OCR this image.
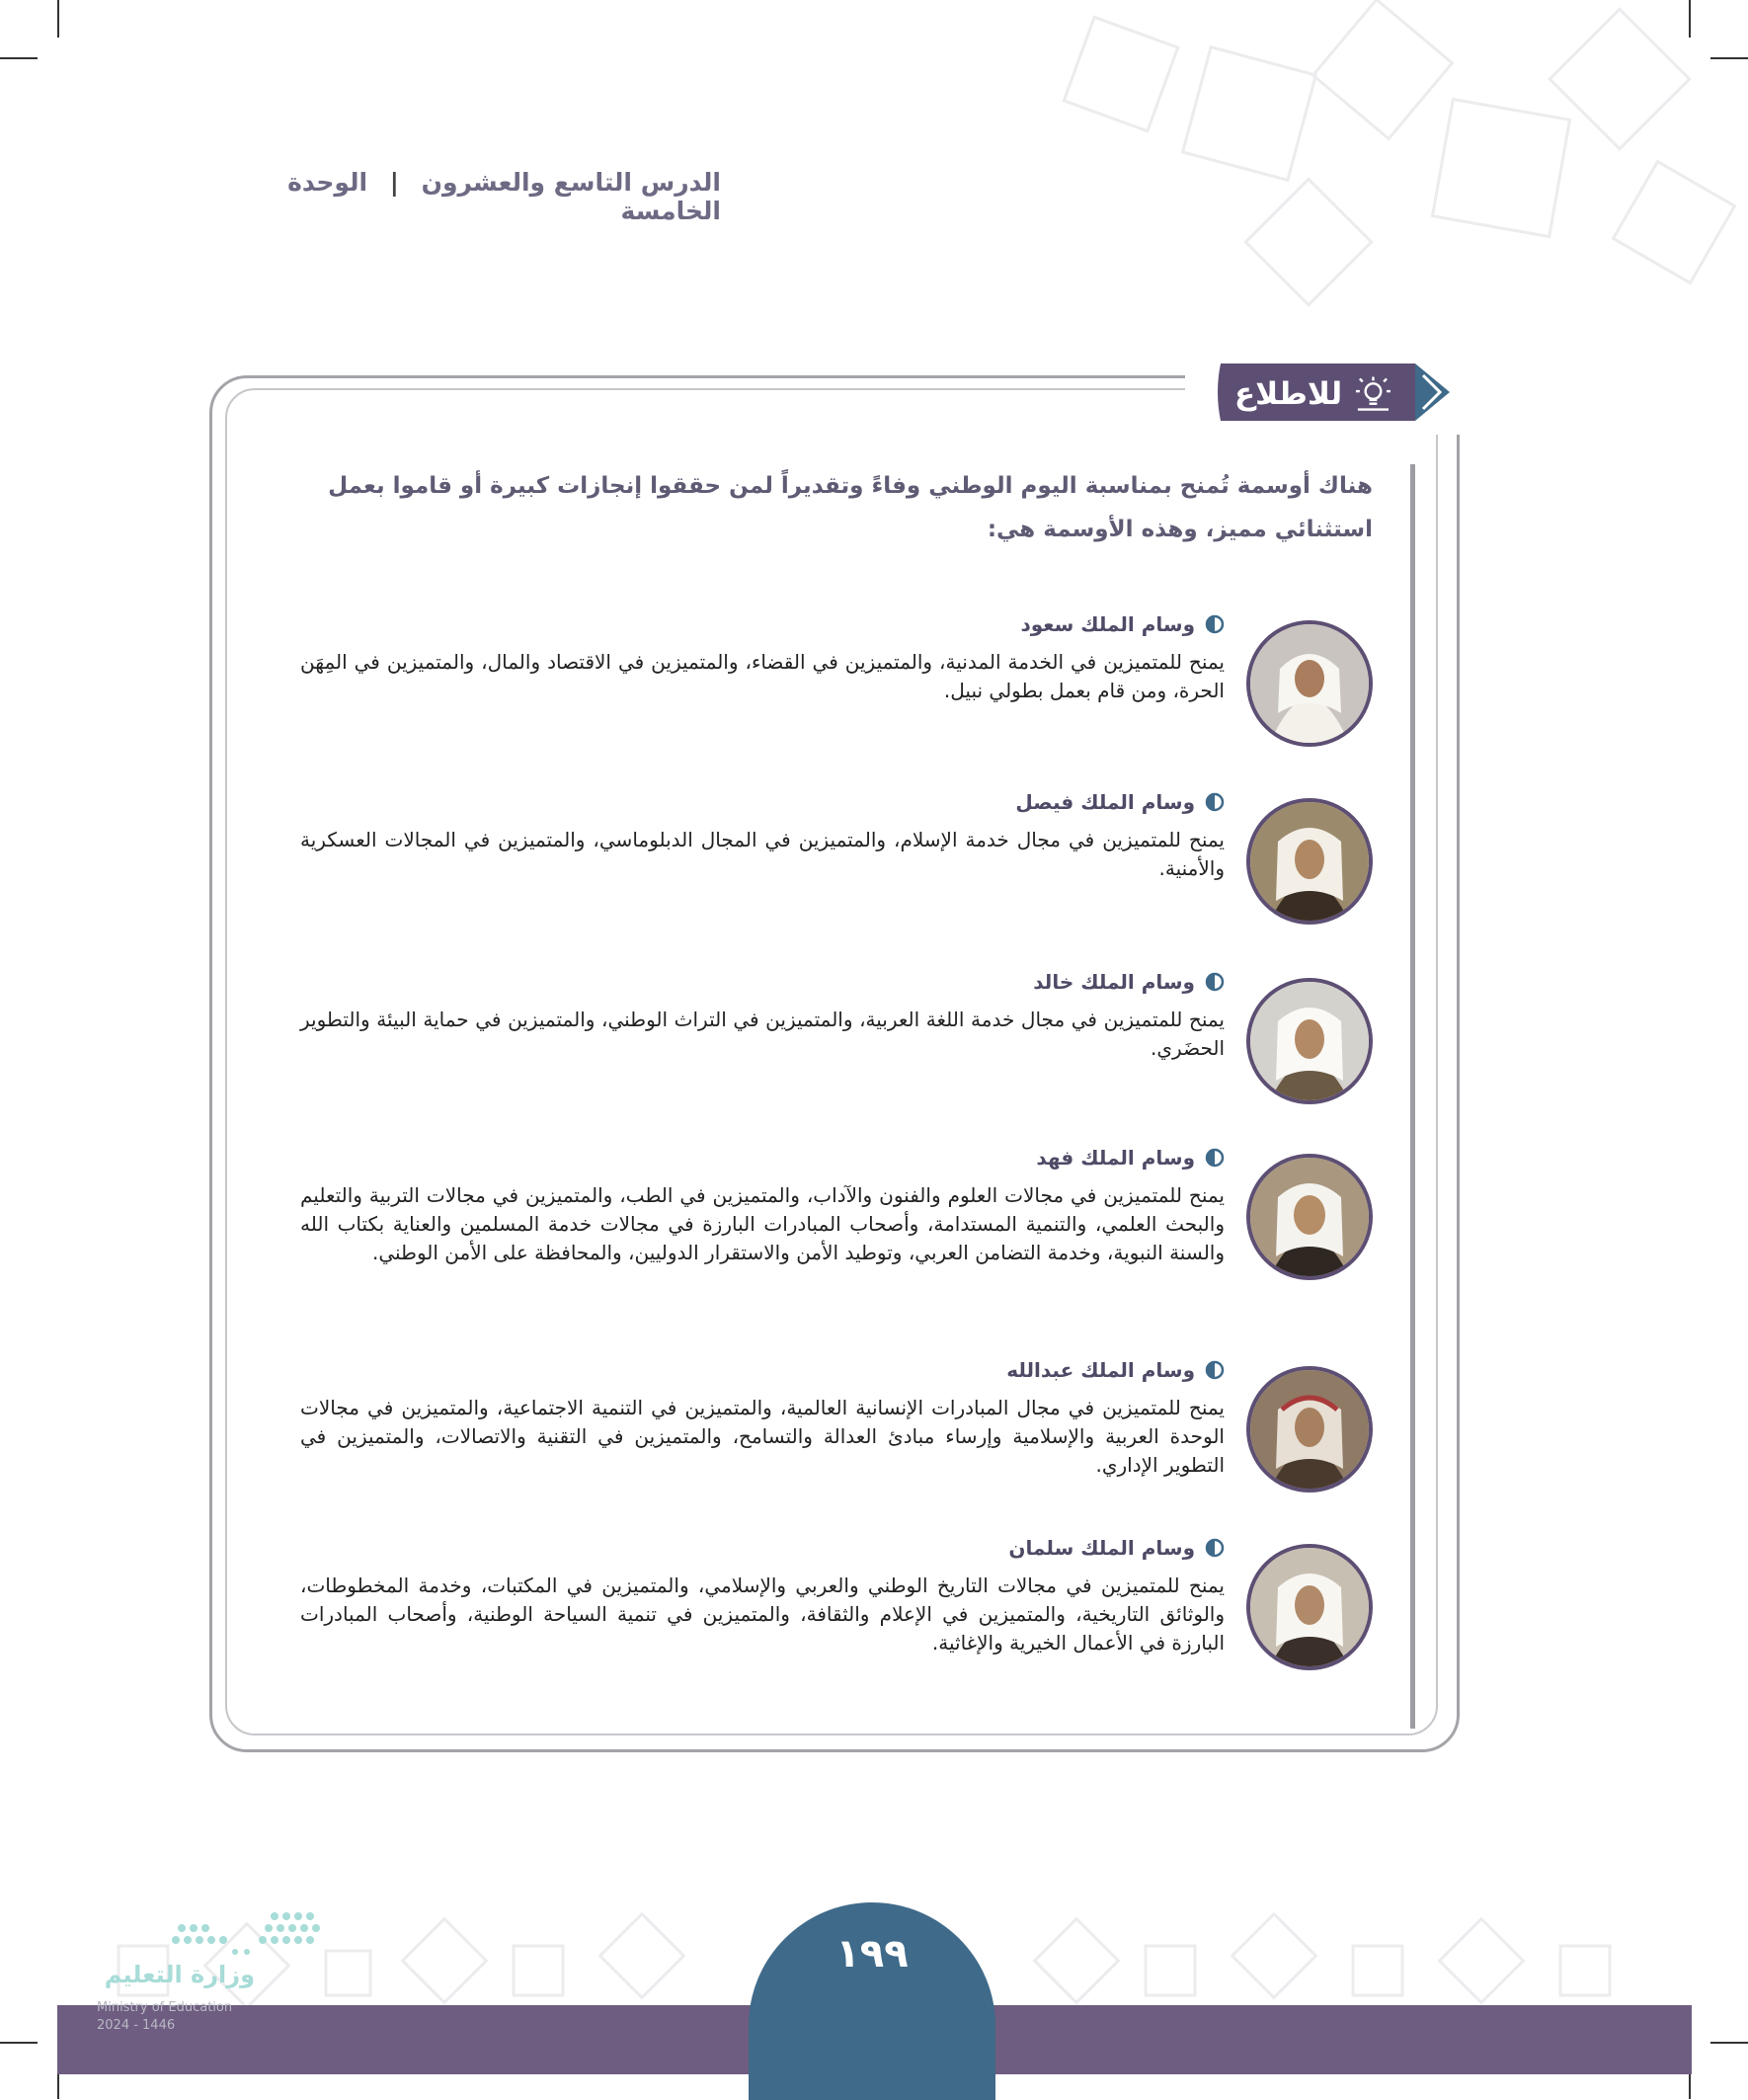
الدرس التاسع والعشرون | الوحدة الخامسة
للاطلاع
هناك أوسمة تُمنح بمناسبة اليوم الوطني وفاءً وتقديراً لمن حققوا إنجازات كبيرة أو قاموا بعمل استثنائي مميز، وهذه الأوسمة هي:
وسام الملك سعود
يمنح للمتميزين في الخدمة المدنية، والمتميزين في القضاء، والمتميزين في الاقتصاد والمال، والمتميزين في المِهَن الحرة، ومن قام بعمل بطولي نبيل.
وسام الملك فيصل
يمنح للمتميزين في مجال خدمة الإسلام، والمتميزين في المجال الدبلوماسي، والمتميزين في المجالات العسكرية والأمنية.
وسام الملك خالد
يمنح للمتميزين في مجال خدمة اللغة العربية، والمتميزين في التراث الوطني، والمتميزين في حماية البيئة والتطوير الحضَري.
وسام الملك فهد
يمنح للمتميزين في مجالات العلوم والفنون والآداب، والمتميزين في الطب، والمتميزين في مجالات التربية والتعليم والبحث العلمي، والتنمية المستدامة، وأصحاب المبادرات البارزة في مجالات خدمة المسلمين والعناية بكتاب الله والسنة النبوية، وخدمة التضامن العربي، وتوطيد الأمن والاستقرار الدوليين، والمحافظة على الأمن الوطني.
وسام الملك عبدالله
يمنح للمتميزين في مجال المبادرات الإنسانية العالمية، والمتميزين في التنمية الاجتماعية، والمتميزين في مجالات الوحدة العربية والإسلامية وإرساء مبادئ العدالة والتسامح، والمتميزين في التقنية والاتصالات، والمتميزين في التطوير الإداري.
وسام الملك سلمان
يمنح للمتميزين في مجالات التاريخ الوطني والعربي والإسلامي، والمتميزين في المكتبات، وخدمة المخطوطات، والوثائق التاريخية، والمتميزين في الإعلام والثقافة، والمتميزين في تنمية السياحة الوطنية، وأصحاب المبادرات البارزة في الأعمال الخيرية والإغاثية.
١٩٩
وزارة التعليم
Ministry of Education
2024 - 1446
